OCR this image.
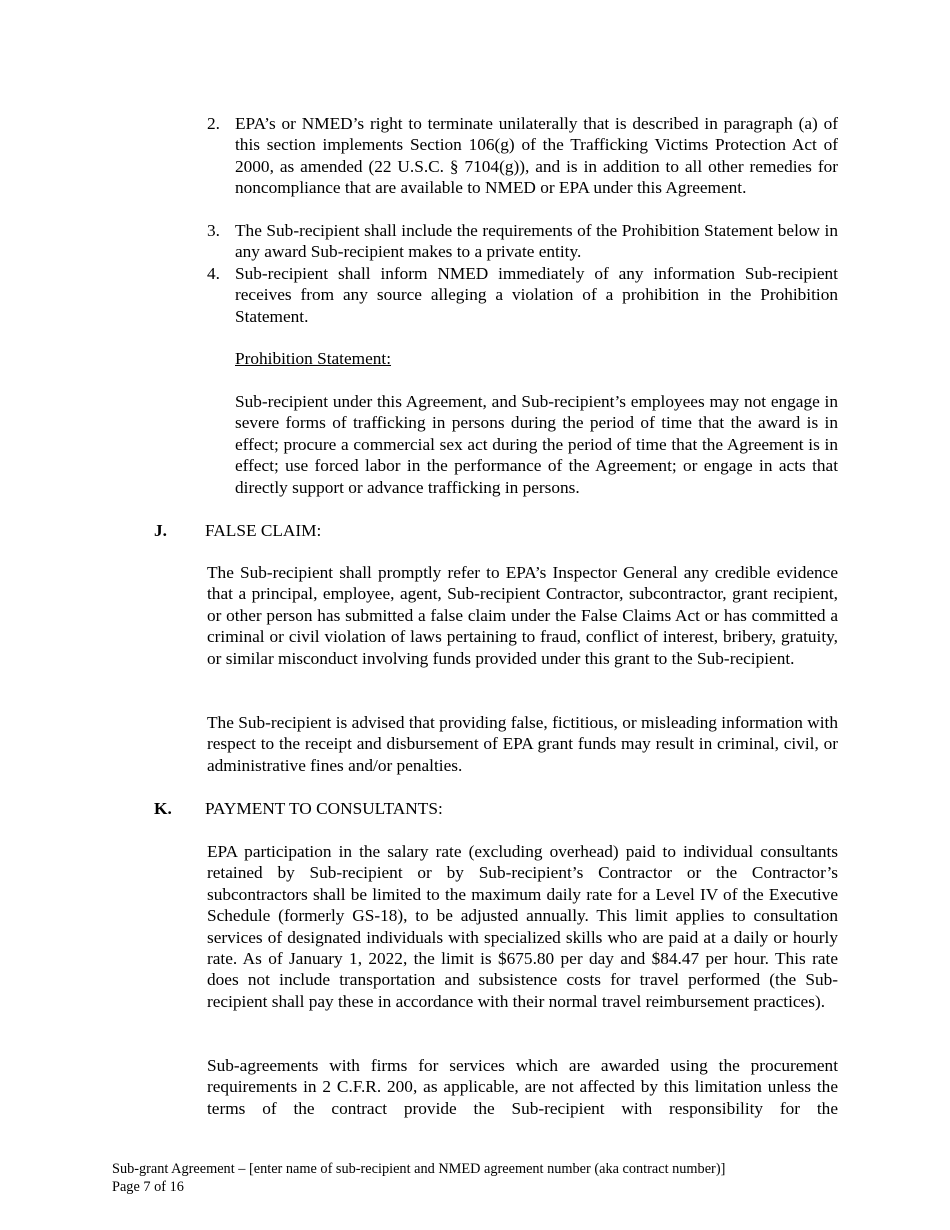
2. EPA’s or NMED’s right to terminate unilaterally that is described in paragraph (a) of this section implements Section 106(g) of the Trafficking Victims Protection Act of 2000, as amended (22 U.S.C. § 7104(g)), and is in addition to all other remedies for noncompliance that are available to NMED or EPA under this Agreement.
3. The Sub-recipient shall include the requirements of the Prohibition Statement below in any award Sub-recipient makes to a private entity.
4. Sub-recipient shall inform NMED immediately of any information Sub-recipient receives from any source alleging a violation of a prohibition in the Prohibition Statement.
Prohibition Statement:
Sub-recipient under this Agreement, and Sub-recipient’s employees may not engage in severe forms of trafficking in persons during the period of time that the award is in effect; procure a commercial sex act during the period of time that the Agreement is in effect; use forced labor in the performance of the Agreement; or engage in acts that directly support or advance trafficking in persons.
J. FALSE CLAIM:
The Sub-recipient shall promptly refer to EPA’s Inspector General any credible evidence that a principal, employee, agent, Sub-recipient Contractor, subcontractor, grant recipient, or other person has submitted a false claim under the False Claims Act or has committed a criminal or civil violation of laws pertaining to fraud, conflict of interest, bribery, gratuity, or similar misconduct involving funds provided under this grant to the Sub-recipient.
The Sub-recipient is advised that providing false, fictitious, or misleading information with respect to the receipt and disbursement of EPA grant funds may result in criminal, civil, or administrative fines and/or penalties.
K. PAYMENT TO CONSULTANTS:
EPA participation in the salary rate (excluding overhead) paid to individual consultants retained by Sub-recipient or by Sub-recipient’s Contractor or the Contractor’s subcontractors shall be limited to the maximum daily rate for a Level IV of the Executive Schedule (formerly GS-18), to be adjusted annually. This limit applies to consultation services of designated individuals with specialized skills who are paid at a daily or hourly rate. As of January 1, 2022, the limit is $675.80 per day and $84.47 per hour. This rate does not include transportation and subsistence costs for travel performed (the Sub-recipient shall pay these in accordance with their normal travel reimbursement practices).
Sub-agreements with firms for services which are awarded using the procurement requirements in 2 C.F.R. 200, as applicable, are not affected by this limitation unless the terms of the contract provide the Sub-recipient with responsibility for the
Sub-grant Agreement – [enter name of sub-recipient and NMED agreement number (aka contract number)]
Page 7 of 16
